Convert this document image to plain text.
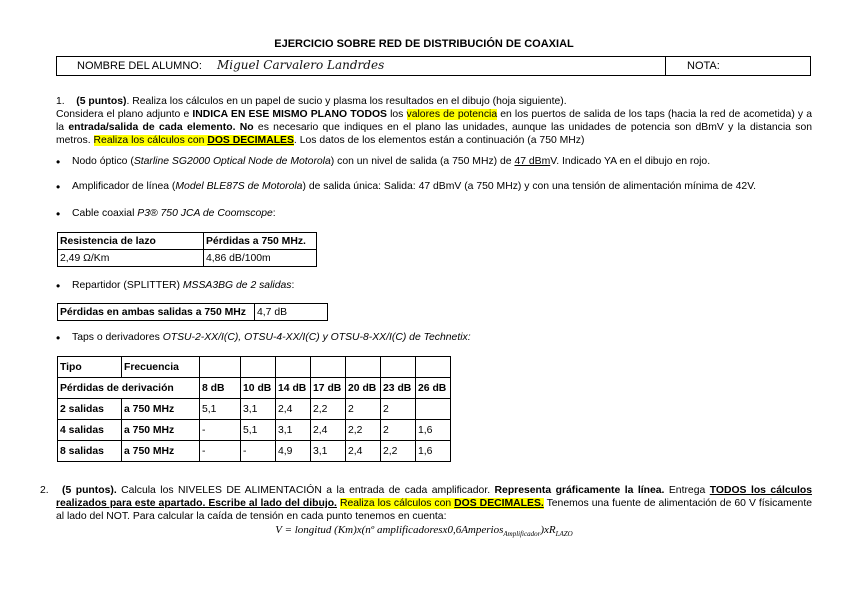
EJERCICIO SOBRE RED DE DISTRIBUCIÓN DE COAXIAL
NOMBRE DEL ALUMNO: Miguel Carvalero Landrdes	NOTA:
1. (5 puntos). Realiza los cálculos en un papel de sucio y plasma los resultados en el dibujo (hoja siguiente).
Considera el plano adjunto e INDICA EN ESE MISMO PLANO TODOS los valores de potencia en los puertos de salida de los taps (hacia la red de acometida) y a la entrada/salida de cada elemento. No es necesario que indiques en el plano las unidades, aunque las unidades de potencia son dBmV y la distancia son metros. Realiza los cálculos con DOS DECIMALES. Los datos de los elementos están a continuación (a 750 MHz)
• Nodo óptico (Starline SG2000 Optical Node de Motorola) con un nivel de salida (a 750 MHz) de 47 dBmV. Indicado YA en el dibujo en rojo.
• Amplificador de línea (Model BLE87S de Motorola) de salida única: Salida: 47 dBmV (a 750 MHz) y con una tensión de alimentación mínima de 42V.
• Cable coaxial P3® 750 JCA de Coomscope:
Resistencia de lazo	Pérdidas a 750 MHz.
2,49 Ω/Km	4,86 dB/100m
• Repartidor (SPLITTER) MSSA3BG de 2 salidas:
Pérdidas en ambas salidas a 750 MHz	4,7 dB
• Taps o derivadores OTSU-2-XX/I(C), OTSU-4-XX/I(C) y OTSU-8-XX/I(C) de Technetix:
Tipo	Frecuencia							
Pérdidas de derivación		8 dB	10 dB	14 dB	17 dB	20 dB	23 dB	26 dB
2 salidas	a 750 MHz	5,1	3,1	2,4	2,2	2	2	
4 salidas	a 750 MHz	-	5,1	3,1	2,4	2,2	2	1,6
8 salidas	a 750 MHz	-	-	4,9	3,1	2,4	2,2	1,6
2. (5 puntos). Calcula los NIVELES DE ALIMENTACIÓN a la entrada de cada amplificador. Representa gráficamente la línea. Entrega TODOS los cálculos realizados para este apartado. Escribe al lado del dibujo. Realiza los cálculos con DOS DECIMALES. Tenemos una fuente de alimentación de 60 V físicamente al lado del NOT. Para calcular la caída de tensión en cada punto tenemos en cuenta:
V = longitud (Km)x(nº $amplificadoresx0,6Amperios_{Amplificador})xR_{LAZO}$
